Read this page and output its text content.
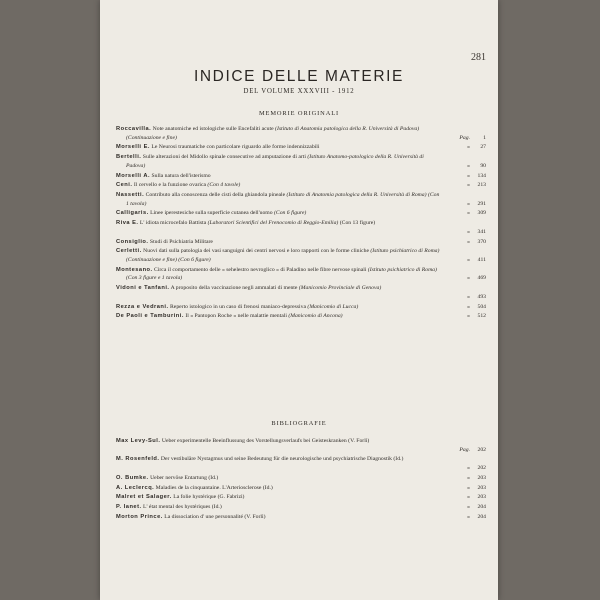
281
INDICE DELLE MATERIE
DEL VOLUME XXXVIII - 1912
MEMORIE ORIGINALI
Roccavilla. Note anatomiche ed istologiche sulle Encefaliti acute (Istituto di Anatomia patologica della R. Università di Padova) (Continuazione e fine)	Pag. 1
Morselli E. Le Neurosi traumatiche con particolare riguardo alle forme indennizzabili	» 27
Bertelli. Sulle alterazioni del Midollo spinale consecutive ad amputazione di arti (Istituto Anatomo-patologico della R. Università di Padova)	» 90
Morselli A. Sulla natura dell'isterismo	» 134
Ceni. Il cervello e la funzione ovarica (Con 4 tavole)	» 213
Nassetti. Contributo alla conoscenza delle cisti della ghiandola pineale (Istituto di Anatomia patologica della R. Università di Roma) (Con 1 tavola)	» 291
Calligaris. Linee iperestesiche sulla superficie cutanea dell'uomo (Con 6 figure)	» 309
Riva E. L' idiota microcefalo Battista (Laboratori Scientifici del Frenocomio di Reggio-Emilia) (Con 13 figure)
» 341
Consiglio. Studi di Psichiatria Militare	» 370
Cerletti. Nuovi dati sulla patologia dei vasi sanguigni dei centri nervosi e loro rapporti con le forme cliniche (Istituto psichiatrico di Roma) (Continuazione e fine) (Con 6 figure)	» 411
Montesano. Circa il comportamento delle « sehelestro nevroglico » di Paladino nelle fibre nervose spinali (Istituto psichiatrico di Roma) (Con 3 figure e 1 tavola)	» 469
Vidoni e Tanfani. A proposito della vaccinazione negli ammalati di mente (Manicomio Provinciale di Genova)
» 493
Rezza e Vedrani. Reperto istologico in un caso di frenosi maniaco-depressiva (Manicomio di Lucca)	» 504
De Paoli e Tamburini. Il « Pantopon Roche » nelle malattie mentali (Manicomio di Ancona)	» 512
BIBLIOGRAFIE
Max Levy-Sul. Ueber experimentelle Beeinflussung des Vorstellungsverlaufs bei Geisteskranken (V. Forlì)
Pag. 202
M. Rosenfeld. Der vestibuläre Nystagmus und seine Bedeutung für die neurologische und psychiatrische Diagnostik (Id.)
» 202
O. Bumke. Ueber nervöse Entartung (Id.)	» 203
A. Leclercq. Maladies de la cinquantaine. L'Arteriosclerose (Id.)	» 203
Malret et Salager. La folie hystérique (G. Fabrizi)	» 203
P. Ianet. L' état mental des hystériques (Id.)	» 204
Morton Prince. La dissociation d' une personnalité (V. Forlì)	» 204
